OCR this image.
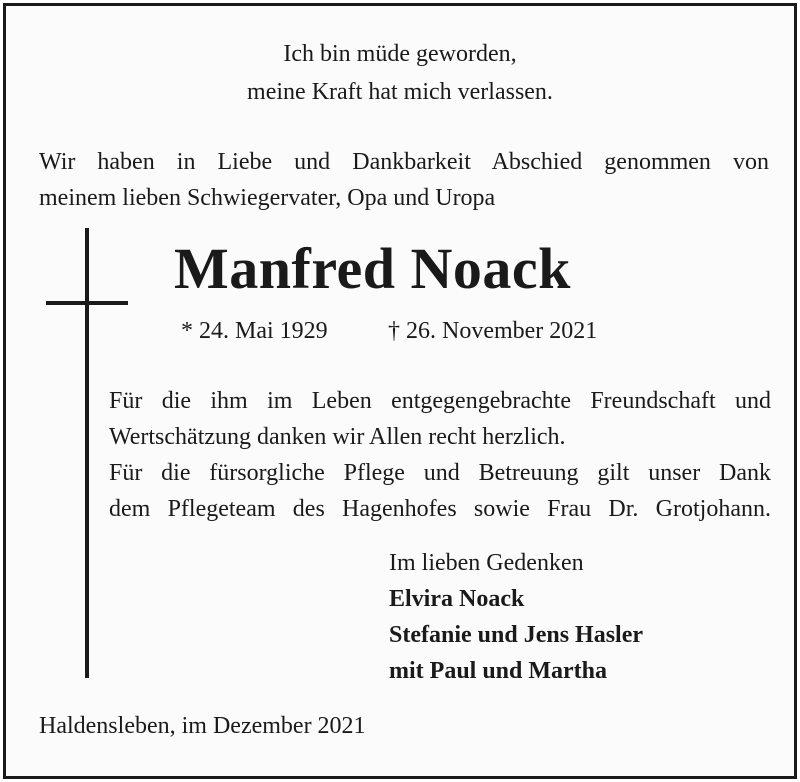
Ich bin müde geworden,
meine Kraft hat mich verlassen.
Wir haben in Liebe und Dankbarkeit Abschied genommen von
meinem lieben Schwiegervater, Opa und Uropa
Manfred Noack
* 24. Mai 1929	† 26. November 2021
Für die ihm im Leben entgegengebrachte Freundschaft und
Wertschätzung danken wir Allen recht herzlich.
Für die fürsorgliche Pflege und Betreuung gilt unser Dank
dem Pflegeteam des Hagenhofes sowie Frau Dr. Grotjohann.
Im lieben Gedenken
Elvira Noack
Stefanie und Jens Hasler
mit Paul und Martha
Haldensleben, im Dezember 2021
